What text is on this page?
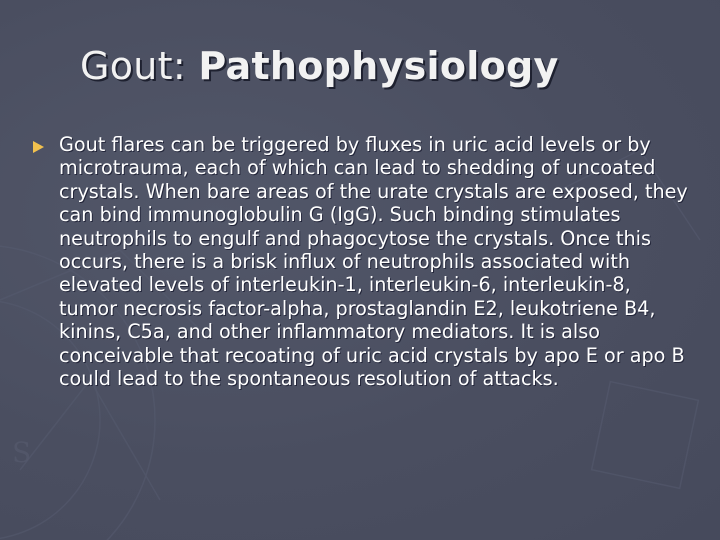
S
Gout: Pathophysiology

Gout flares can be triggered by fluxes in uric acid levels or by microtrauma, each of which can lead to shedding of uncoated crystals. When bare areas of the urate crystals are exposed, they can bind immunoglobulin G (IgG). Such binding stimulates neutrophils to engulf and phagocytose the crystals. Once this occurs, there is a brisk influx of neutrophils associated with elevated levels of interleukin-1, interleukin-6, interleukin-8, tumor necrosis factor-alpha, prostaglandin E2, leukotriene B4, kinins, C5a, and other inflammatory mediators. It is also conceivable that recoating of uric acid crystals by apo E or apo B could lead to the spontaneous resolution of attacks.
